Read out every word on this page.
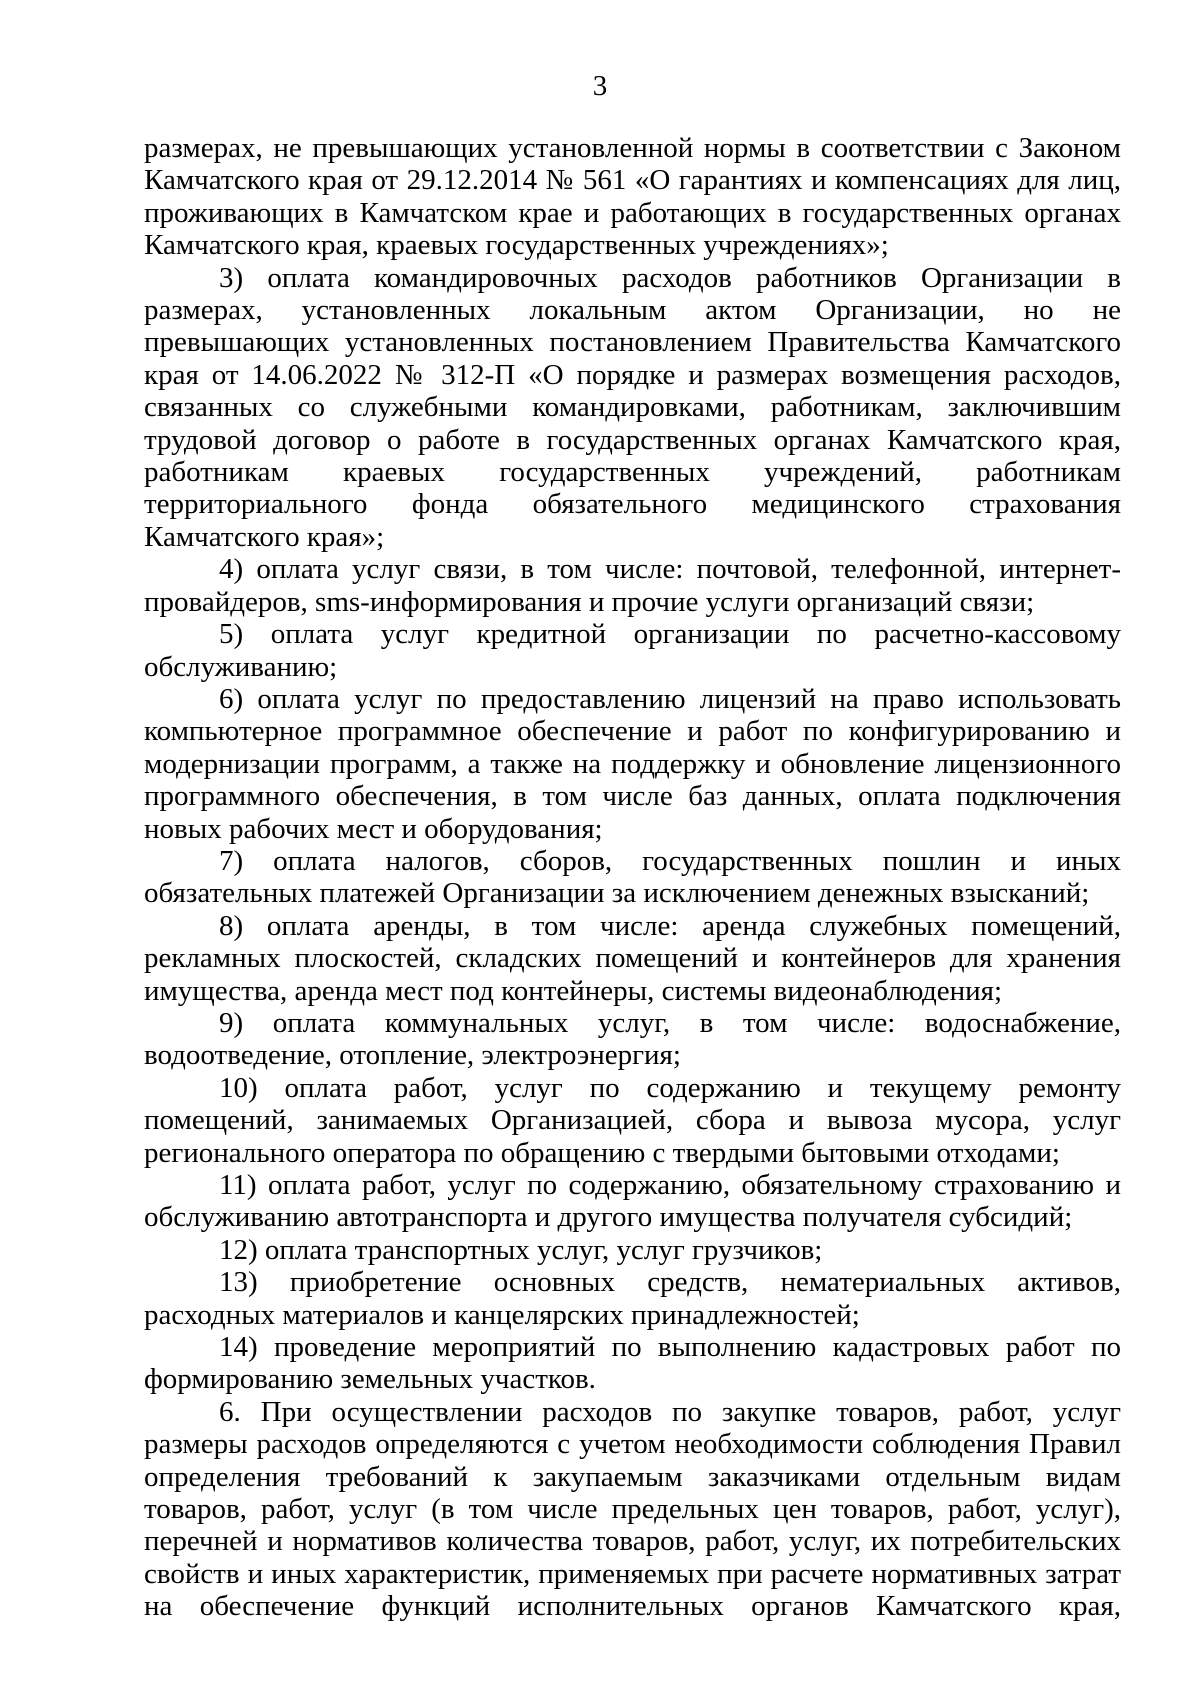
3

размерах, не превышающих установленной нормы в соответствии с Законом Камчатского края от 29.12.2014 № 561 «О гарантиях и компенсациях для лиц, проживающих в Камчатском крае и работающих в государственных органах Камчатского края, краевых государственных учреждениях»;

3) оплата командировочных расходов работников Организации в размерах, установленных локальным актом Организации, но не превышающих установленных постановлением Правительства Камчатского края от 14.06.2022 № 312-П «О порядке и размерах возмещения расходов, связанных со служебными командировками, работникам, заключившим трудовой договор о работе в государственных органах Камчатского края, работникам краевых государственных учреждений, работникам территориального фонда обязательного медицинского страхования Камчатского края»;

4) оплата услуг связи, в том числе: почтовой, телефонной, интернет-провайдеров, sms-информирования и прочие услуги организаций связи;

5) оплата услуг кредитной организации по расчетно-кассовому обслуживанию;

6) оплата услуг по предоставлению лицензий на право использовать компьютерное программное обеспечение и работ по конфигурированию и модернизации программ, а также на поддержку и обновление лицензионного программного обеспечения, в том числе баз данных, оплата подключения новых рабочих мест и оборудования;

7) оплата налогов, сборов, государственных пошлин и иных обязательных платежей Организации за исключением денежных взысканий;

8) оплата аренды, в том числе: аренда служебных помещений, рекламных плоскостей, складских помещений и контейнеров для хранения имущества, аренда мест под контейнеры, системы видеонаблюдения;

9) оплата коммунальных услуг, в том числе: водоснабжение, водоотведение, отопление, электроэнергия;

10) оплата работ, услуг по содержанию и текущему ремонту помещений, занимаемых Организацией, сбора и вывоза мусора, услуг регионального оператора по обращению с твердыми бытовыми отходами;

11) оплата работ, услуг по содержанию, обязательному страхованию и обслуживанию автотранспорта и другого имущества получателя субсидий;

12) оплата транспортных услуг, услуг грузчиков;

13) приобретение основных средств, нематериальных активов, расходных материалов и канцелярских принадлежностей;

14) проведение мероприятий по выполнению кадастровых работ по формированию земельных участков.

6. При осуществлении расходов по закупке товаров, работ, услуг размеры расходов определяются с учетом необходимости соблюдения Правил определения требований к закупаемым заказчиками отдельным видам товаров, работ, услуг (в том числе предельных цен товаров, работ, услуг), перечней и нормативов количества товаров, работ, услуг, их потребительских свойств и иных характеристик, применяемых при расчете нормативных затрат на обеспечение функций исполнительных органов Камчатского края,
